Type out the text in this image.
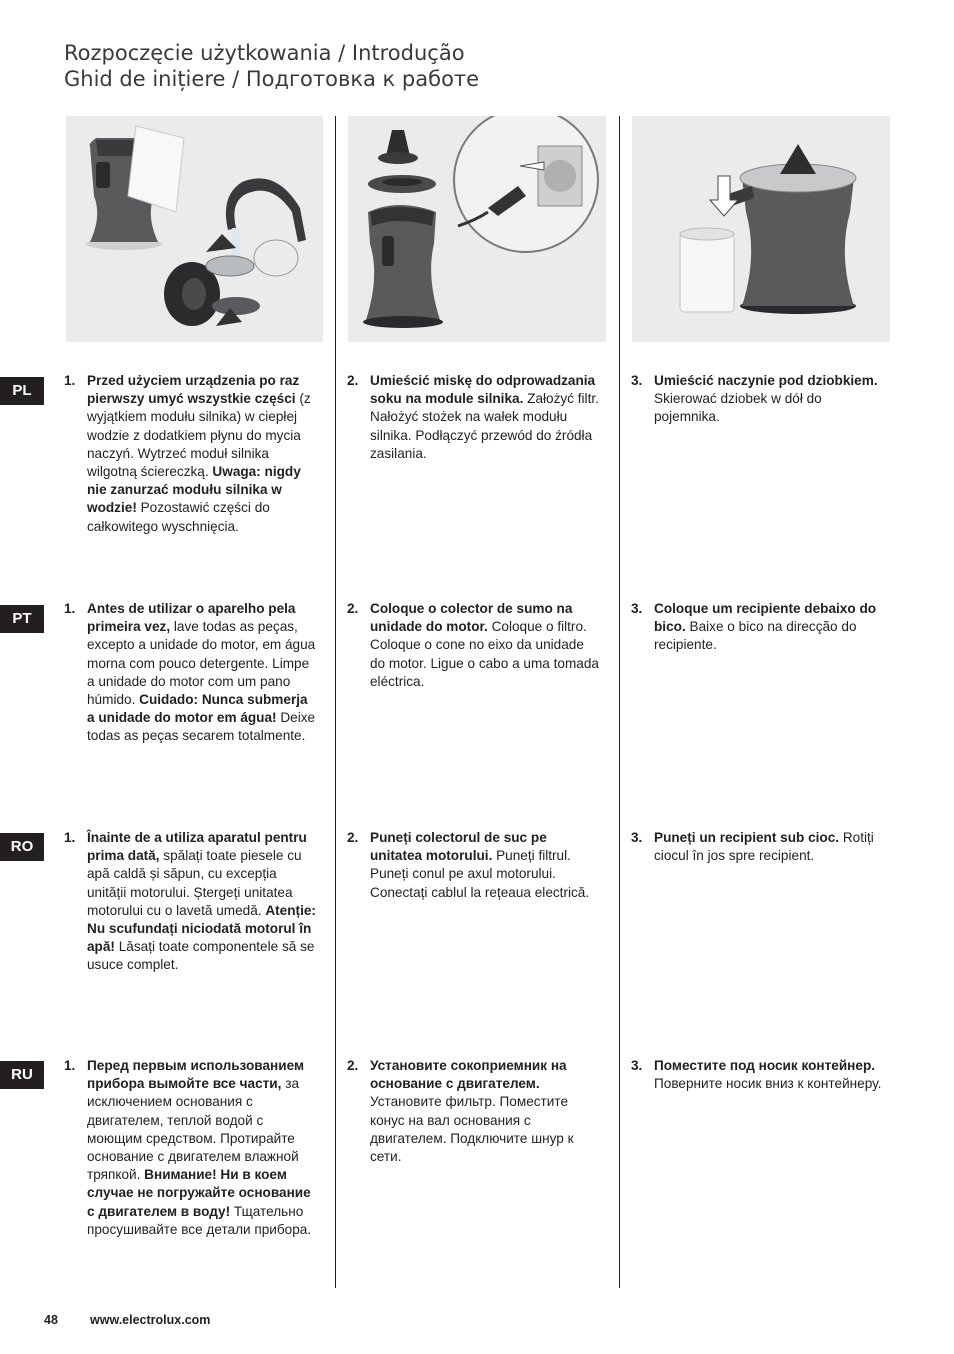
Rozpoczęcie użytkowania / Introdução
Ghid de inițiere / Подготовка к работе
PL
PT
RO
RU
1. Przed użyciem urządzenia po raz pierwszy umyć wszystkie części (z wyjątkiem modułu silnika) w ciepłej wodzie z dodatkiem płynu do mycia naczyń. Wytrzeć moduł silnika wilgotną ściereczką. Uwaga: nigdy nie zanurzać modułu silnika w wodzie! Pozostawić części do całkowitego wyschnięcia.
2. Umieścić miskę do odprowadzania soku na module silnika. Założyć filtr. Nałożyć stożek na wałek modułu silnika. Podłączyć przewód do źródła zasilania.
3. Umieścić naczynie pod dziobkiem. Skierować dziobek w dół do pojemnika.
1. Antes de utilizar o aparelho pela primeira vez, lave todas as peças, excepto a unidade do motor, em água morna com pouco detergente. Limpe a unidade do motor com um pano húmido. Cuidado: Nunca submerja a unidade do motor em água! Deixe todas as peças secarem totalmente.
2. Coloque o colector de sumo na unidade do motor. Coloque o filtro. Coloque o cone no eixo da unidade do motor. Ligue o cabo a uma tomada eléctrica.
3. Coloque um recipiente debaixo do bico. Baixe o bico na direcção do recipiente.
1. Înainte de a utiliza aparatul pentru prima dată, spălați toate piesele cu apă caldă și săpun, cu excepția unității motorului. Ștergeți unitatea motorului cu o lavetă umedă. Atenție: Nu scufundați niciodată motorul în apă! Lăsați toate componentele să se usuce complet.
2. Puneți colectorul de suc pe unitatea motorului. Puneți filtrul. Puneți conul pe axul motorului. Conectați cablul la rețeaua electrică.
3. Puneți un recipient sub cioc. Rotiți ciocul în jos spre recipient.
1. Перед первым использованием прибора вымойте все части, за исключением основания с двигателем, теплой водой с моющим средством. Протирайте основание с двигателем влажной тряпкой. Внимание! Ни в коем случае не погружайте основание с двигателем в воду! Тщательно просушивайте все детали прибора.
2. Установите сокоприемник на основание с двигателем. Установите фильтр. Поместите конус на вал основания с двигателем. Подключите шнур к сети.
3. Поместите под носик контейнер. Поверните носик вниз к контейнеру.
48	www.electrolux.com
